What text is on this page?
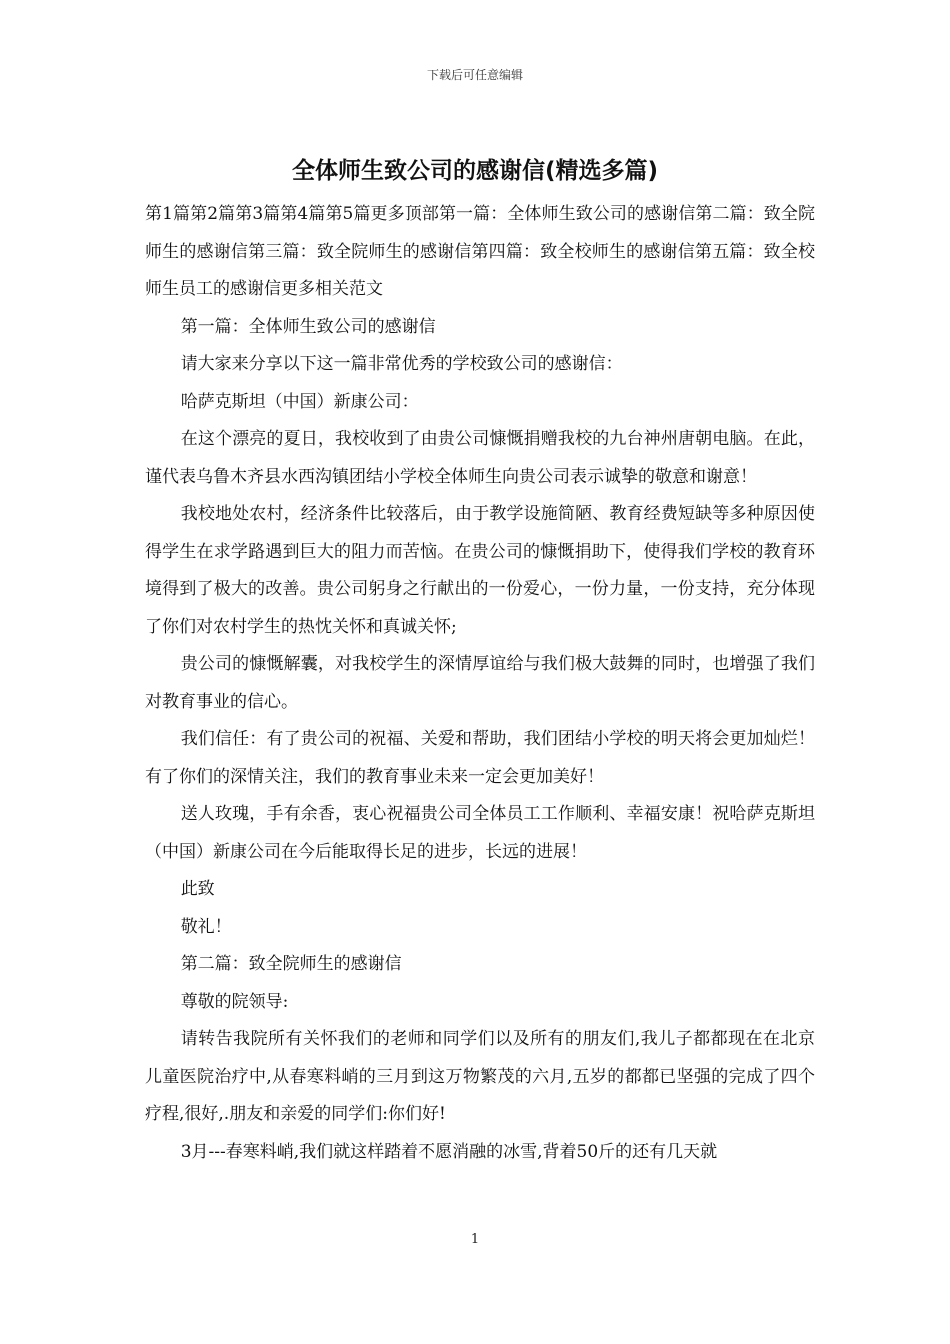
下载后可任意编辑
全体师生致公司的感谢信(精选多篇)

第1篇第2篇第3篇第4篇第5篇更多顶部第一篇：全体师生致公司的感谢信第二篇：致全院师生的感谢信第三篇：致全院师生的感谢信第四篇：致全校师生的感谢信第五篇：致全校师生员工的感谢信更多相关范文

第一篇：全体师生致公司的感谢信

请大家来分享以下这一篇非常优秀的学校致公司的感谢信：

哈萨克斯坦（中国）新康公司：

在这个漂亮的夏日，我校收到了由贵公司慷慨捐赠我校的九台神州唐朝电脑。在此，谨代表乌鲁木齐县水西沟镇团结小学校全体师生向贵公司表示诚挚的敬意和谢意！

我校地处农村，经济条件比较落后，由于教学设施简陋、教育经费短缺等多种原因使得学生在求学路遇到巨大的阻力而苦恼。在贵公司的慷慨捐助下，使得我们学校的教育环境得到了极大的改善。贵公司躬身之行献出的一份爱心，一份力量，一份支持，充分体现了你们对农村学生的热忱关怀和真诚关怀;

贵公司的慷慨解囊，对我校学生的深情厚谊给与我们极大鼓舞的同时，也增强了我们对教育事业的信心。

我们信任：有了贵公司的祝福、关爱和帮助，我们团结小学校的明天将会更加灿烂！有了你们的深情关注，我们的教育事业未来一定会更加美好！

送人玫瑰，手有余香，衷心祝福贵公司全体员工工作顺利、幸福安康！祝哈萨克斯坦（中国）新康公司在今后能取得长足的进步，长远的进展！

此致

敬礼！

第二篇：致全院师生的感谢信

尊敬的院领导:

请转告我院所有关怀我们的老师和同学们以及所有的朋友们,我儿子都都现在在北京儿童医院治疗中,从春寒料峭的三月到这万物繁茂的六月,五岁的都都已坚强的完成了四个疗程,很好,.朋友和亲爱的同学们:你们好!

3月---春寒料峭,我们就这样踏着不愿消融的冰雪,背着50斤的还有几天就

1
